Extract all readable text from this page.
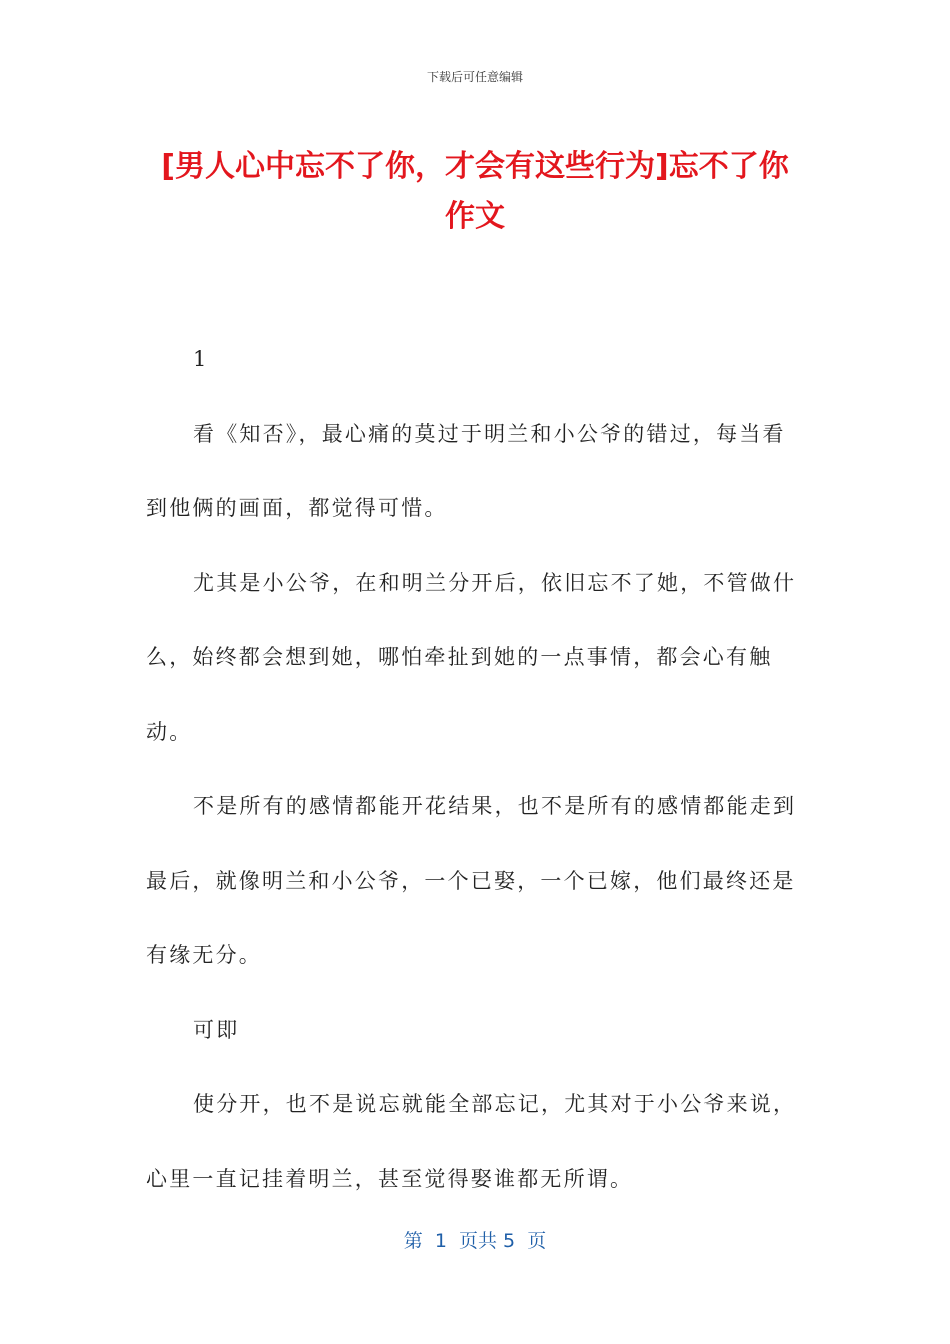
下载后可任意编辑
[男人心中忘不了你，才会有这些行为]忘不了你作文

1

看《知否》，最心痛的莫过于明兰和小公爷的错过，每当看到他俩的画面，都觉得可惜。

尤其是小公爷，在和明兰分开后，依旧忘不了她，不管做什么，始终都会想到她，哪怕牵扯到她的一点事情，都会心有触动。

不是所有的感情都能开花结果，也不是所有的感情都能走到最后，就像明兰和小公爷，一个已娶，一个已嫁，他们最终还是有缘无分。

可即

使分开，也不是说忘就能全部忘记，尤其对于小公爷来说，心里一直记挂着明兰，甚至觉得娶谁都无所谓。

第  1  页共 5  页
